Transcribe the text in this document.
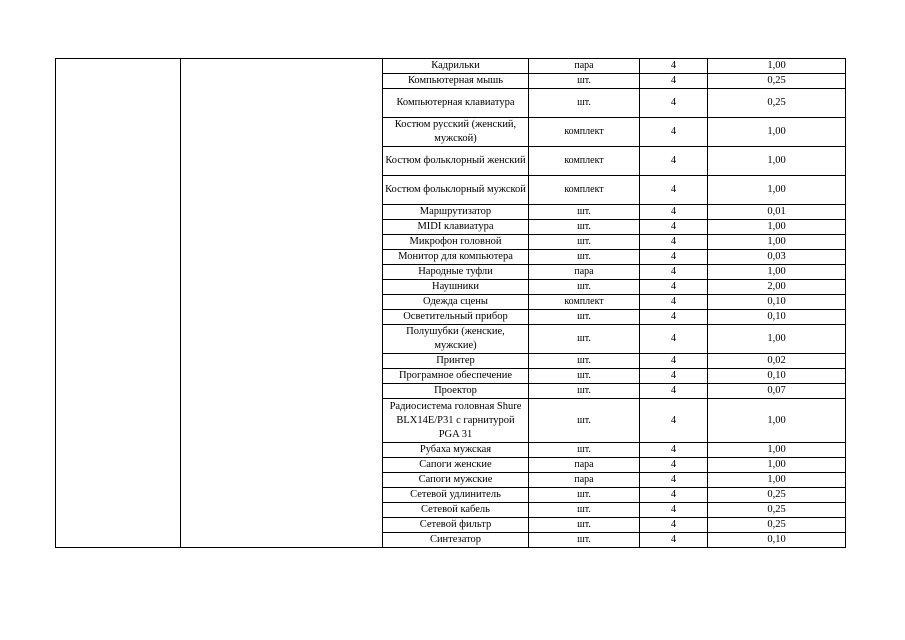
		Кадрильки	пара	4	1,00
		Компьютерная мышь	шт.	4	0,25
		Компьютерная клавиатура	шт.	4	0,25
		Костюм русский (женский, мужской)	комплект	4	1,00
		Костюм фольклорный женский	комплект	4	1,00
		Костюм фольклорный мужской	комплект	4	1,00
		Маршрутизатор	шт.	4	0,01
		MIDI клавиатура	шт.	4	1,00
		Микрофон головной	шт.	4	1,00
		Монитор для компьютера	шт.	4	0,03
		Народные туфли	пара	4	1,00
		Наушники	шт.	4	2,00
		Одежда сцены	комплект	4	0,10
		Осветительный прибор	шт.	4	0,10
		Полушубки (женские, мужские)	шт.	4	1,00
		Принтер	шт.	4	0,02
		Програмное обеспечение	шт.	4	0,10
		Проектор	шт.	4	0,07
		Радиосистема головная Shure BLX14E/P31 с гарнитурой PGA 31	шт.	4	1,00
		Рубаха мужская	шт.	4	1,00
		Сапоги женские	пара	4	1,00
		Сапоги мужские	пара	4	1,00
		Сетевой удлинитель	шт.	4	0,25
		Сетевой кабель	шт.	4	0,25
		Сетевой фильтр	шт.	4	0,25
		Синтезатор	шт.	4	0,10
